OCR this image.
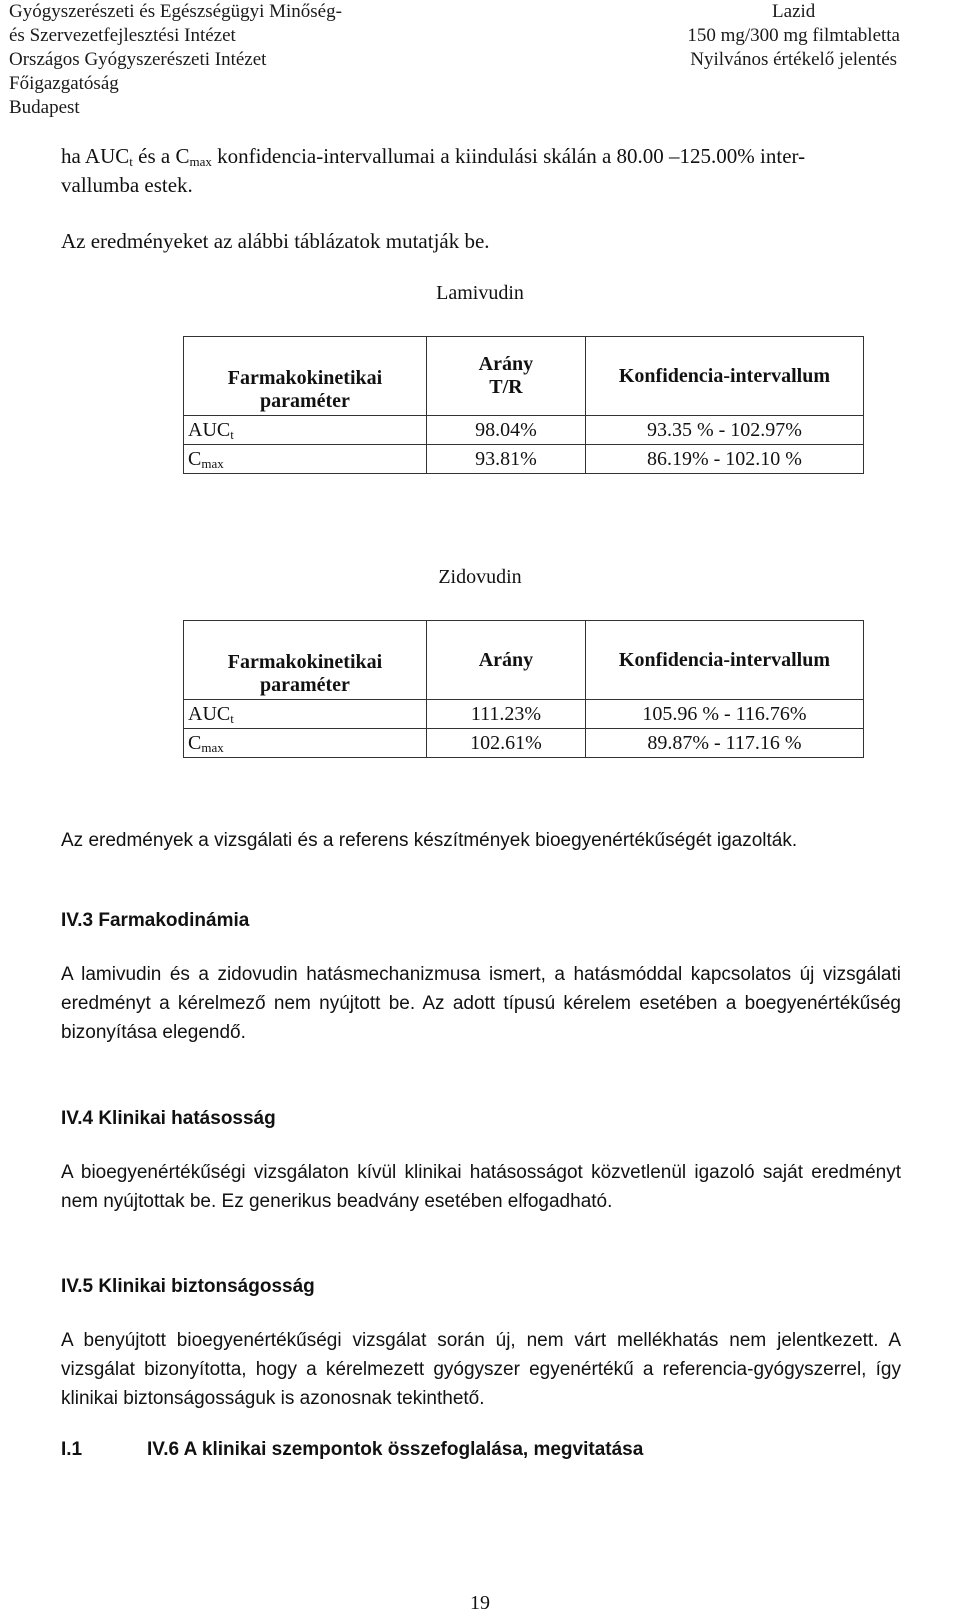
Gyógyszerészeti és Egészségügyi Minőség-
és Szervezetfejlesztési Intézet
Országos Gyógyszerészeti Intézet
Főigazgatóság
Budapest
Lazid
150 mg/300 mg filmtabletta
Nyilvános értékelő jelentés
ha $AUC_t$ és a $C_{max}$ konfidencia-intervallumai a kiindulási skálán a 80.00 –125.00% inter-
vallumba estek.
Az eredményeket az alábbi táblázatok mutatják be.
Lamivudin
Farmakokinetikai paraméter	Arány T/R	Konfidencia-intervallum
$AUC_t$	98.04%	93.35 % - 102.97%
$C_{max}$	93.81%	86.19% - 102.10 %
Zidovudin
Farmakokinetikai paraméter	Arány	Konfidencia-intervallum
$AUC_t$	111.23%	105.96 % - 116.76%
$C_{max}$	102.61%	89.87% - 117.16 %
Az eredmények a vizsgálati és a referens készítmények bioegyenértékűségét igazolták.
IV.3 Farmakodinámia
A lamivudin és a zidovudin hatásmechanizmusa ismert, a hatásmóddal kapcsolatos új vizsgálati eredményt a kérelmező nem nyújtott be. Az adott típusú kérelem esetében a boegyenértékűség bizonyítása elegendő.
IV.4 Klinikai hatásosság
A bioegyenértékűségi vizsgálaton kívül klinikai hatásosságot közvetlenül igazoló saját eredményt nem nyújtottak be. Ez generikus beadvány esetében elfogadható.
IV.5 Klinikai biztonságosság
A benyújtott bioegyenértékűségi vizsgálat során új, nem várt mellékhatás nem jelentkezett. A vizsgálat bizonyította, hogy a kérelmezett gyógyszer egyenértékű a referencia-gyógyszerrel, így klinikai biztonságosságuk is azonosnak tekinthető.
I.1	IV.6 A klinikai szempontok összefoglalása, megvitatása
19
